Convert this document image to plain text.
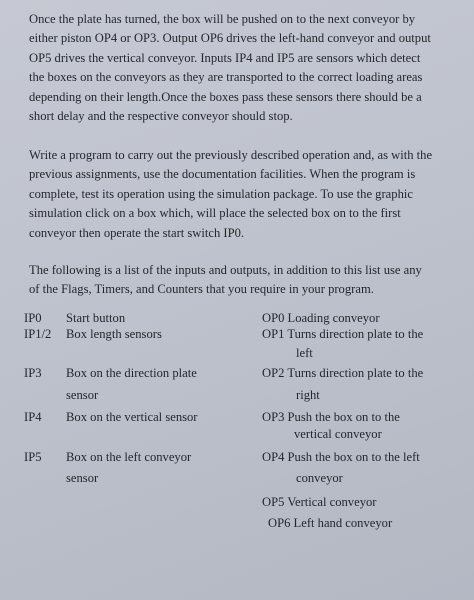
Once the plate has turned, the box will be pushed on to the next conveyor by
either piston OP4 or OP3. Output OP6 drives the left-hand conveyor and output
OP5 drives the vertical conveyor. Inputs IP4 and IP5 are sensors which detect
the boxes on the conveyors as they are transported to the correct loading areas
depending on their length.Once the boxes pass these sensors there should be a
short delay and the respective conveyor should stop.
Write a program to carry out the previously described operation and, as with the
previous assignments, use the documentation facilities. When the program is
complete, test its operation using the simulation package. To use the graphic
simulation click on a box which, will place the selected box on to the first
conveyor then operate the start switch IP0.
The following is a list of the inputs and outputs, in addition to this list use any
of the Flags, Timers, and Counters that you require in your program.
IP0 Start button
IP1/2 Box length sensors
IP3 Box on the direction plate
sensor
IP4 Box on the vertical sensor
IP5 Box on the left conveyor
sensor
OP0 Loading conveyor
OP1 Turns direction plate to the
left
OP2 Turns direction plate to the
right
OP3 Push the box on to the
vertical conveyor
OP4 Push the box on to the left
conveyor
OP5 Vertical conveyor
OP6 Left hand conveyor
